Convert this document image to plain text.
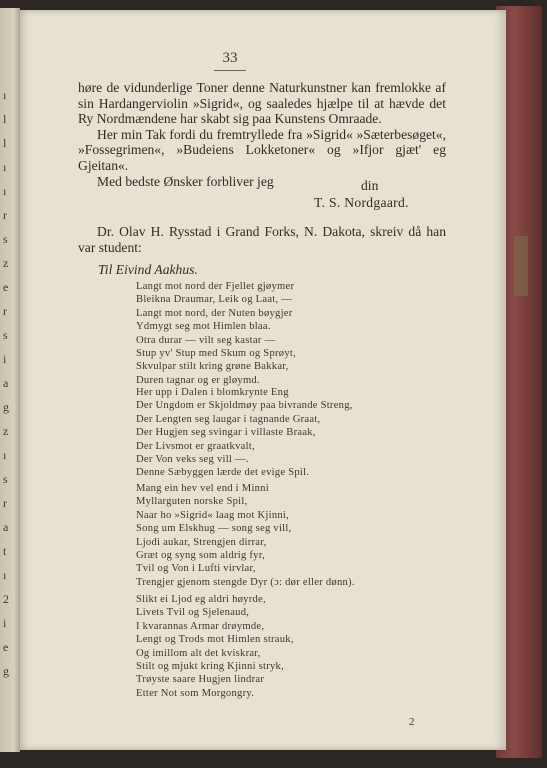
ı
l
l
ı
ı
r
s
z
e
r
s
i
a
g
z
ı
s
r
a
t
ı
2
i
e
g
33

høre de vidunderlige Toner denne Naturkunstner kan fremlokke af sin Hardangerviolin »Sigrid«, og saaledes hjælpe til at hævde det Ry Nordmændene har skabt sig paa Kunstens Omraade.

Her min Tak fordi du fremtryllede fra »Sigrid« »Sæterbesøget«, »Fossegrimen«, »Budeiens Lokketoner« og »Ifjor gjæt' eg Gjeitan«.

Med bedste Ønsker forbliver jeg	din
T. S. Nordgaard.

Dr. Olav H. Rysstad i Grand Forks, N. Dakota, skreiv då han var student:

Til Eivind Aakhus.
Langt mot nord der Fjellet gjøymer
Bleikna Draumar, Leik og Laat, —
Langt mot nord, der Nuten bøygjer
Ydmygt seg mot Himlen blaa.
Otra durar — vilt seg kastar —
Stup yv' Stup med Skum og Sprøyt,
Skvulpar stilt kring grøne Bakkar,
Duren tagnar og er gløymd.
Her upp i Dalen i blomkrynte Eng
Der Ungdom er Skjoldmøy paa bivrande Streng,
Der Lengten seg laugar i tagnande Graat,
Der Hugjen seg svingar i villaste Braak,
Der Livsmot er graatkvalt,
Der Von veks seg vill —.
Denne Sæbyggen lærde det evige Spil.
Mang ein hev vel end i Minni
Myllarguten norske Spil,
Naar ho »Sigrid« laag mot Kjinni,
Song um Elskhug — song seg vill,
Ljodi aukar, Strengjen dirrar,
Græt og syng som aldrig fyr,
Tvil og Von i Lufti virvlar,
Trengjer gjenom stengde Dyr (ɔ: dør eller dønn).
Slikt ei Ljod eg aldri høyrde,
Livets Tvil og Sjelenaud,
I kvarannas Armar drøymde,
Lengt og Trods mot Himlen strauk,
Og imillom alt det kviskrar,
Stilt og mjukt kring Kjinni stryk,
Trøyste saare Hugjen lindrar
Etter Not som Morgongry.
2
